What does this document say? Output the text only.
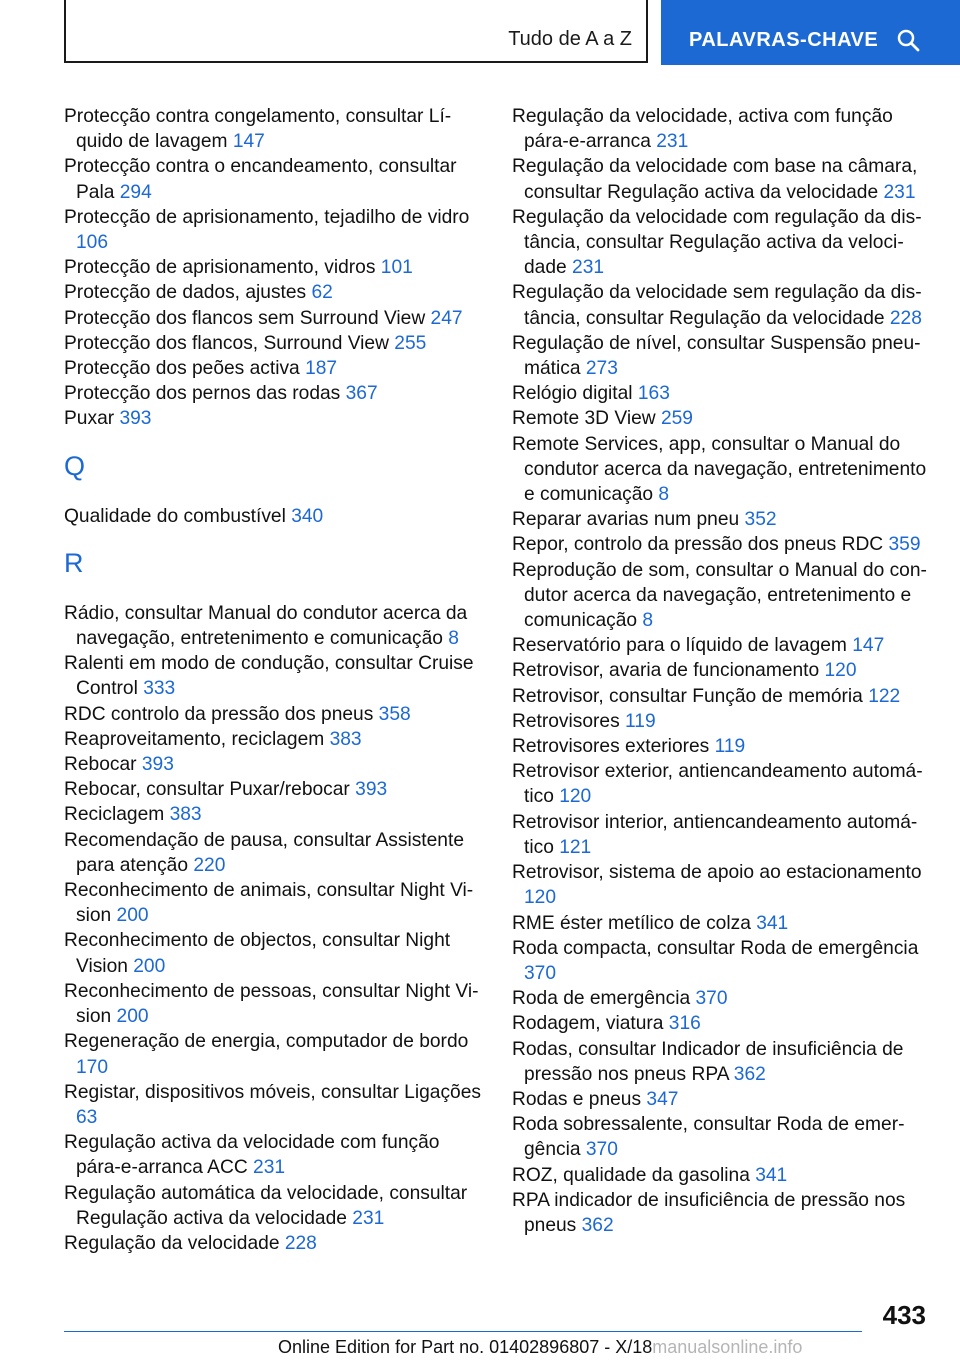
Tudo de A a Z	PALAVRAS-CHAVE
Protecção contra congelamento, consultar Líquido de lavagem 147
Protecção contra o encandeamento, consultar Pala 294
Protecção de aprisionamento, tejadilho de vidro 106
Protecção de aprisionamento, vidros 101
Protecção de dados, ajustes 62
Protecção dos flancos sem Surround View 247
Protecção dos flancos, Surround View 255
Protecção dos peões activa 187
Protecção dos pernos das rodas 367
Puxar 393
Q
Qualidade do combustível 340
R
Rádio, consultar Manual do condutor acerca da navegação, entretenimento e comunicação 8
Ralenti em modo de condução, consultar Cruise Control 333
RDC controlo da pressão dos pneus 358
Reaproveitamento, reciclagem 383
Rebocar 393
Rebocar, consultar Puxar/rebocar 393
Reciclagem 383
Recomendação de pausa, consultar Assistente para atenção 220
Reconhecimento de animais, consultar Night Vision 200
Reconhecimento de objectos, consultar Night Vision 200
Reconhecimento de pessoas, consultar Night Vision 200
Regeneração de energia, computador de bordo 170
Registar, dispositivos móveis, consultar Ligações 63
Regulação activa da velocidade com função pára-e-arranca ACC 231
Regulação automática da velocidade, consultar Regulação activa da velocidade 231
Regulação da velocidade 228
Regulação da velocidade, activa com função pára-e-arranca 231
Regulação da velocidade com base na câmara, consultar Regulação activa da velocidade 231
Regulação da velocidade com regulação da distância, consultar Regulação activa da velocidade 231
Regulação da velocidade sem regulação da distância, consultar Regulação da velocidade 228
Regulação de nível, consultar Suspensão pneumática 273
Relógio digital 163
Remote 3D View 259
Remote Services, app, consultar o Manual do condutor acerca da navegação, entretenimento e comunicação 8
Reparar avarias num pneu 352
Repor, controlo da pressão dos pneus RDC 359
Reprodução de som, consultar o Manual do condutor acerca da navegação, entretenimento e comunicação 8
Reservatório para o líquido de lavagem 147
Retrovisor, avaria de funcionamento 120
Retrovisor, consultar Função de memória 122
Retrovisores 119
Retrovisores exteriores 119
Retrovisor exterior, antiencandeamento automático 120
Retrovisor interior, antiencandeamento automático 121
Retrovisor, sistema de apoio ao estacionamento 120
RME éster metílico de colza 341
Roda compacta, consultar Roda de emergência 370
Roda de emergência 370
Rodagem, viatura 316
Rodas, consultar Indicador de insuficiência de pressão nos pneus RPA 362
Rodas e pneus 347
Roda sobressalente, consultar Roda de emergência 370
ROZ, qualidade da gasolina 341
RPA indicador de insuficiência de pressão nos pneus 362
433
Online Edition for Part no. 01402896807 - X/18manualsonline.info
